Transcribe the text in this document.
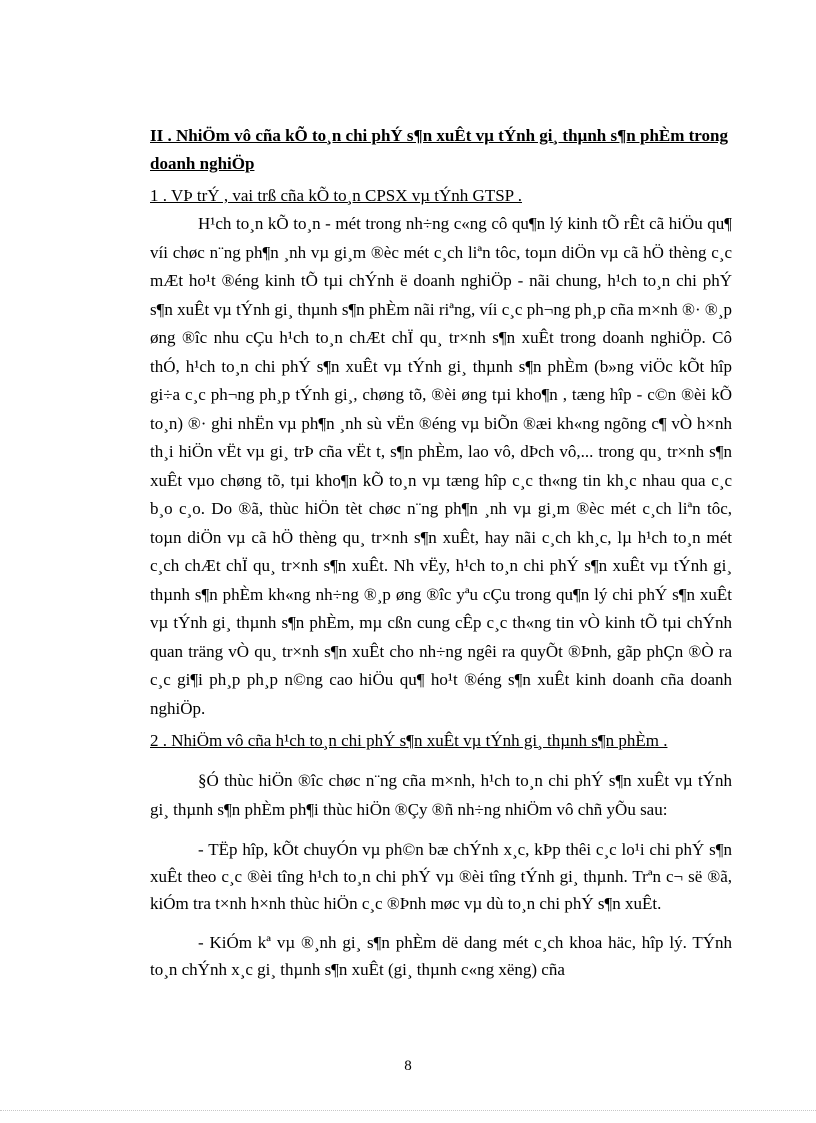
II . NhiÖm vô cña kÕ to¸n chi phÝ s¶n xuÊt vµ tÝnh gi¸ thµnh s¶n phÈm trong doanh nghiÖp

1 . VÞ trÝ , vai trß cña kÕ to¸n CPSX vµ tÝnh GTSP .

H¹ch to¸n kÕ to¸n - mét trong nh÷ng c«ng cô qu¶n lý kinh tÕ rÊt cã hiÖu qu¶ víi chøc n¨ng ph¶n ¸nh vµ gi¸m ®èc mét c¸ch liªn tôc, toµn diÖn vµ cã hÖ thèng c¸c mÆt ho¹t ®éng kinh tÕ tµi chÝnh ë doanh nghiÖp - nãi chung, h¹ch to¸n chi phÝ s¶n xuÊt vµ tÝnh gi¸ thµnh s¶n phÈm nãi riªng, víi c¸c ph¬ng ph¸p cña m×nh ®· ®¸p øng ®îc nhu cÇu h¹ch to¸n chÆt chÏ qu¸ tr×nh s¶n xuÊt trong doanh nghiÖp. Cô thÓ, h¹ch to¸n chi phÝ s¶n xuÊt vµ tÝnh gi¸ thµnh s¶n phÈm (b»ng viÖc kÕt hîp gi÷a c¸c ph¬ng ph¸p tÝnh gi¸, chøng tõ, ®èi øng tµi kho¶n , tæng hîp - c©n ®èi kÕ to¸n) ®· ghi nhËn vµ ph¶n ¸nh sù vËn ®éng vµ biÕn ®æi kh«ng ngõng c¶ vÒ h×nh th¸i hiÖn vËt vµ gi¸ trÞ cña vËt t, s¶n phÈm, lao vô, dÞch vô,... trong qu¸ tr×nh s¶n xuÊt vµo chøng tõ, tµi kho¶n kÕ to¸n vµ tæng hîp c¸c th«ng tin kh¸c nhau qua c¸c b¸o c¸o. Do ®ã, thùc hiÖn tèt chøc n¨ng ph¶n ¸nh vµ gi¸m ®èc mét c¸ch liªn tôc, toµn diÖn vµ cã hÖ thèng qu¸ tr×nh s¶n xuÊt, hay nãi c¸ch kh¸c, lµ h¹ch to¸n mét c¸ch chÆt chÏ qu¸ tr×nh s¶n xuÊt. Nh vËy, h¹ch to¸n chi phÝ s¶n xuÊt vµ tÝnh gi¸ thµnh s¶n phÈm kh«ng nh÷ng ®¸p øng ®îc yªu cÇu trong qu¶n lý chi phÝ s¶n xuÊt vµ tÝnh gi¸ thµnh s¶n phÈm, mµ cßn cung cÊp c¸c th«ng tin vÒ kinh tÕ tµi chÝnh quan träng vÒ qu¸ tr×nh s¶n xuÊt cho nh÷ng ngêi ra quyÕt ®Þnh, gãp phÇn ®Ò ra c¸c gi¶i ph¸p ph¸p n©ng cao hiÖu qu¶ ho¹t ®éng s¶n xuÊt kinh doanh cña doanh nghiÖp.

2 . NhiÖm vô cña h¹ch to¸n chi phÝ s¶n xuÊt vµ tÝnh gi¸ thµnh s¶n phÈm .

§Ó thùc hiÖn ®îc chøc n¨ng cña m×nh, h¹ch to¸n chi phÝ s¶n xuÊt vµ tÝnh gi¸ thµnh s¶n phÈm ph¶i thùc hiÖn ®Çy ®ñ nh÷ng nhiÖm vô chñ yÕu sau:

- TËp hîp, kÕt chuyÓn vµ ph©n bæ chÝnh x¸c, kÞp thêi c¸c lo¹i chi phÝ s¶n xuÊt theo c¸c ®èi tîng h¹ch to¸n chi phÝ vµ ®èi tîng tÝnh gi¸ thµnh. Trªn c¬ së ®ã, kiÓm tra t×nh h×nh thùc hiÖn c¸c ®Þnh møc vµ dù to¸n chi phÝ s¶n xuÊt.

- KiÓm kª vµ ®¸nh gi¸ s¶n phÈm dë dang mét c¸ch khoa häc, hîp lý. TÝnh to¸n chÝnh x¸c gi¸ thµnh s¶n xuÊt (gi¸ thµnh c«ng xëng) cña

8
